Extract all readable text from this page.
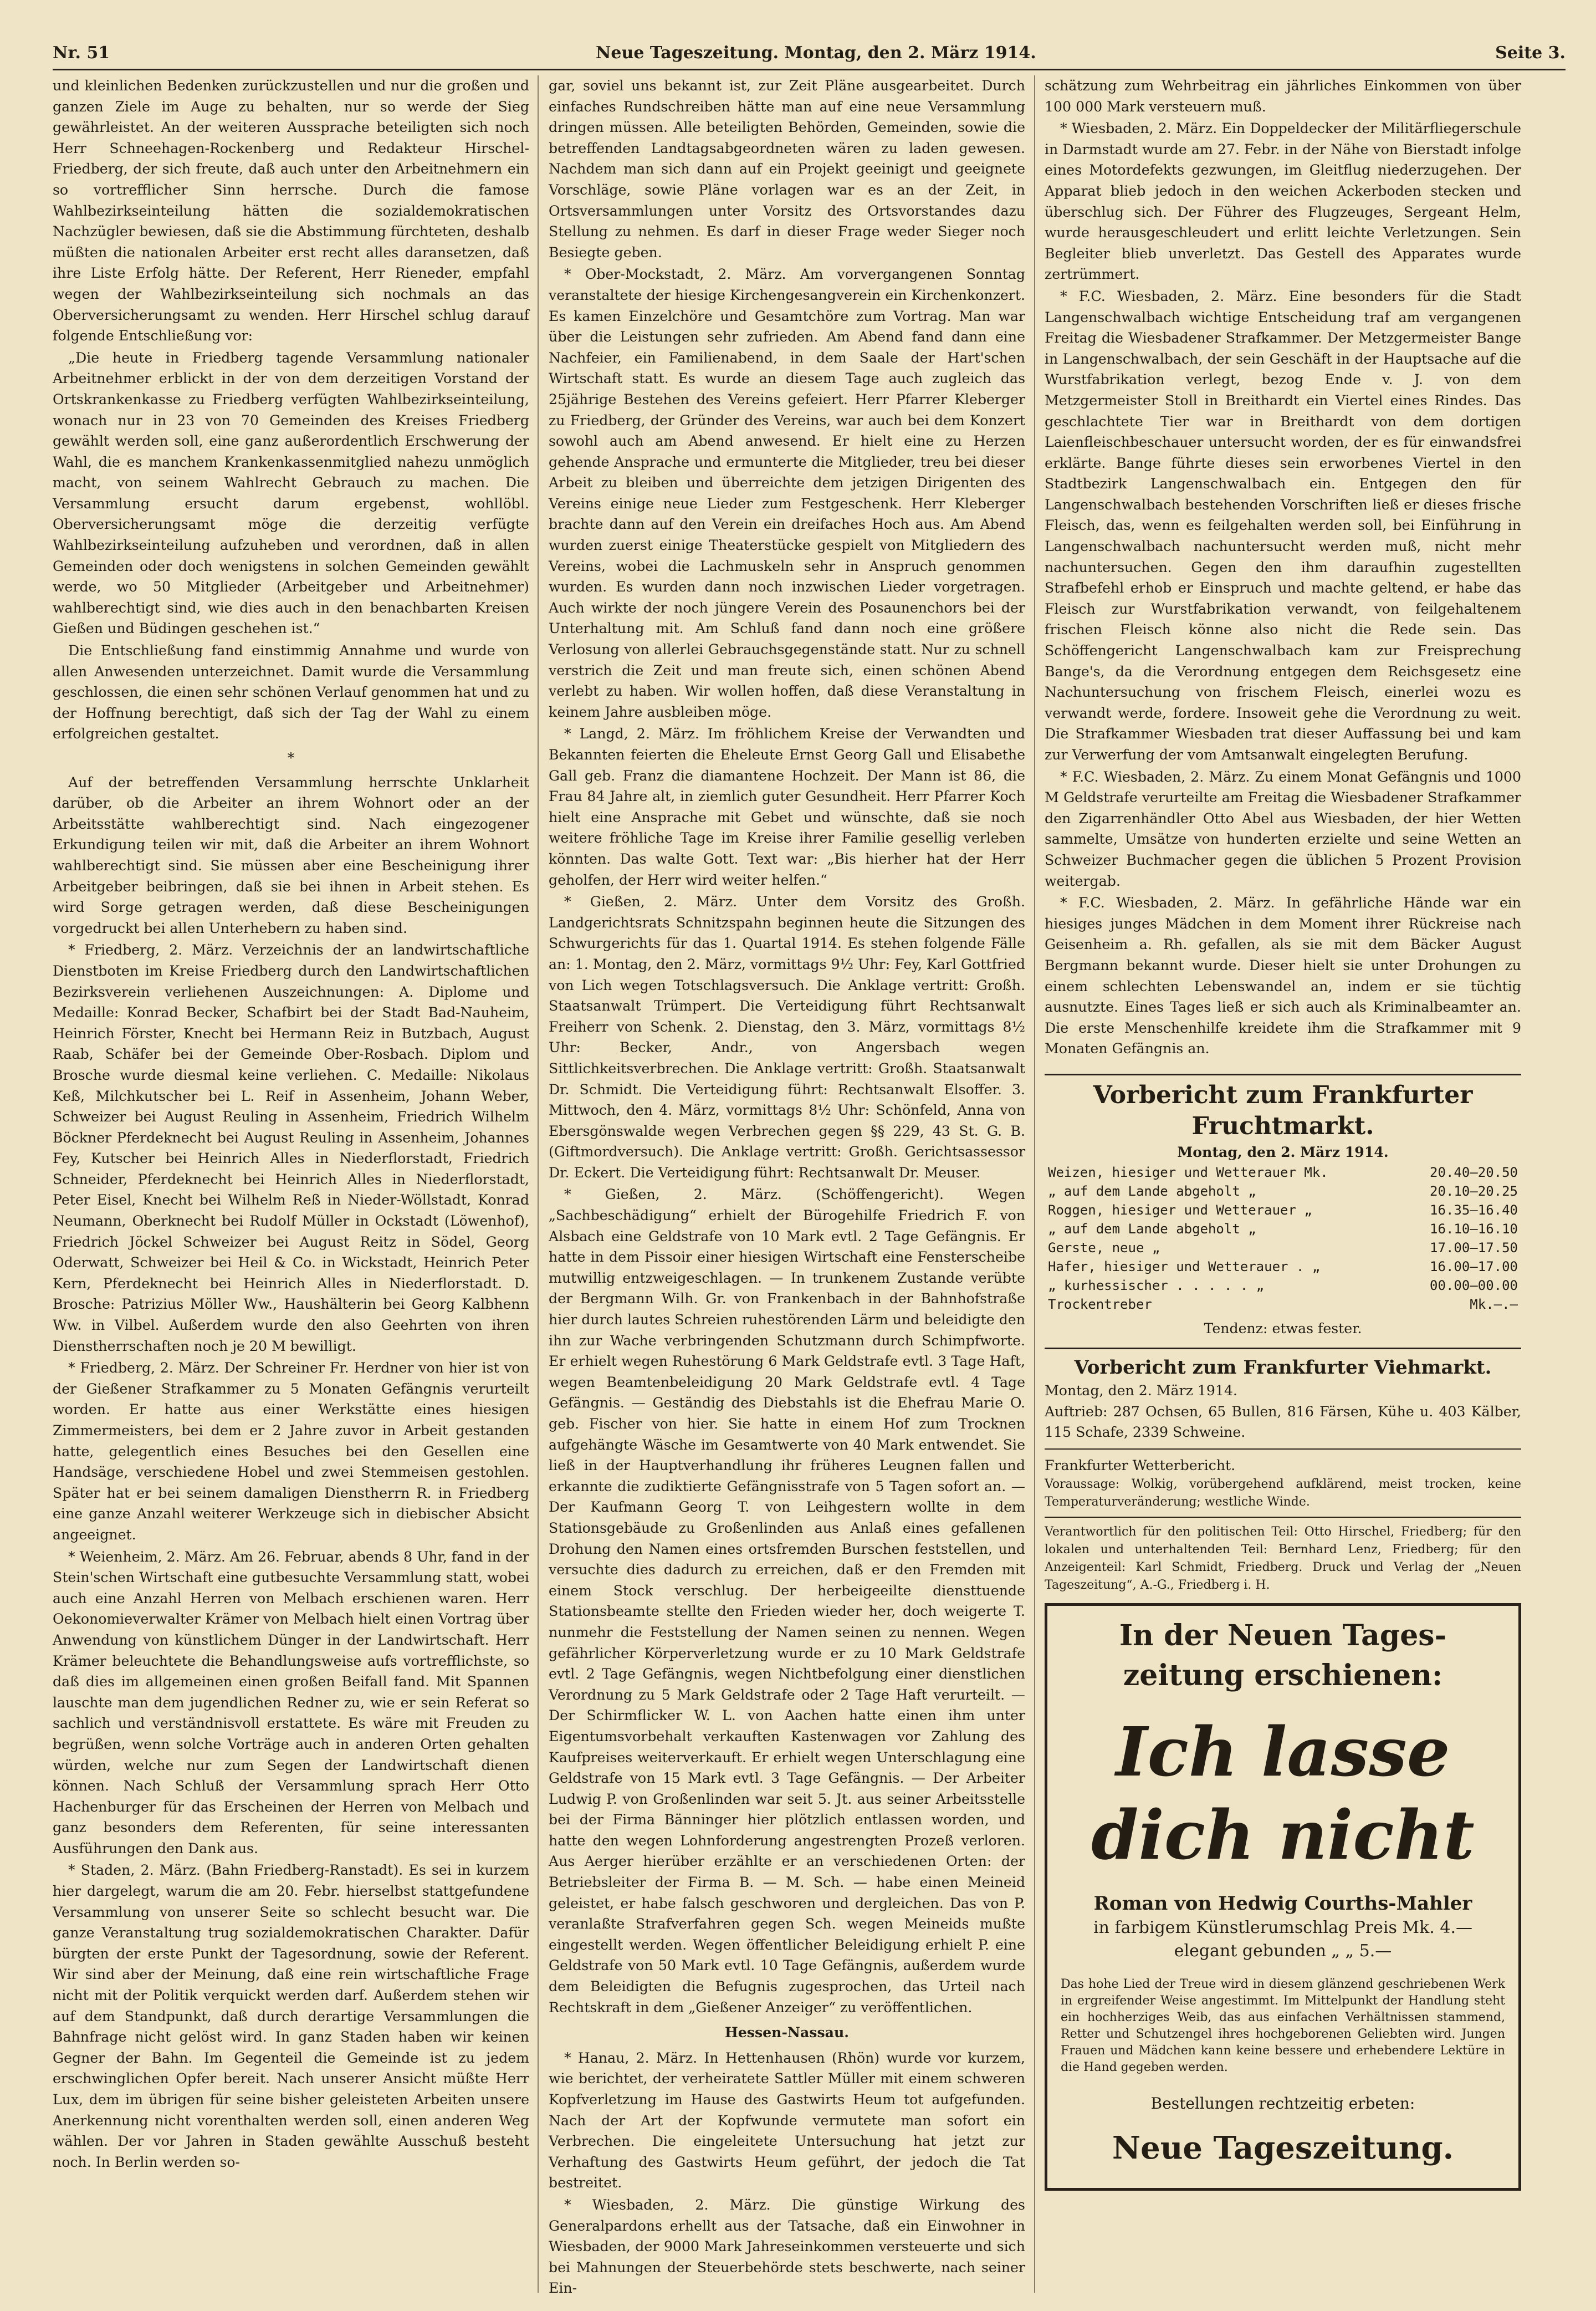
Nr. 51	Neue Tageszeitung. Montag, den 2. März 1914.	Seite 3.

und kleinlichen Bedenken zurückzustellen und nur die großen und ganzen Ziele im Auge zu behalten, nur so werde der Sieg gewährleistet. An der weiteren Aussprache beteiligten sich noch Herr Schneehagen-Rockenberg und Redakteur Hirschel-Friedberg, der sich freute, daß auch unter den Arbeitnehmern ein so vortrefflicher Sinn herrsche. Durch die famose Wahlbezirkseinteilung hätten die sozialdemokratischen Nachzügler bewiesen, daß sie die Abstimmung fürchteten, deshalb müßten die nationalen Arbeiter erst recht alles daransetzen, daß ihre Liste Erfolg hätte. Der Referent, Herr Rieneder, empfahl wegen der Wahlbezirkseinteilung sich nochmals an das Oberversicherungsamt zu wenden. Herr Hirschel schlug darauf folgende Entschließung vor:

„Die heute in Friedberg tagende Versammlung nationaler Arbeitnehmer erblickt in der von dem derzeitigen Vorstand der Ortskrankenkasse zu Friedberg verfügten Wahlbezirkseinteilung, wonach nur in 23 von 70 Gemeinden des Kreises Friedberg gewählt werden soll, eine ganz außerordentlich Erschwerung der Wahl, die es manchem Krankenkassenmitglied nahezu unmöglich macht, von seinem Wahlrecht Gebrauch zu machen. Die Versammlung ersucht darum ergebenst, wohllöbl. Oberversicherungsamt möge die derzeitig verfügte Wahlbezirkseinteilung aufzuheben und verordnen, daß in allen Gemeinden oder doch wenigstens in solchen Gemeinden gewählt werde, wo 50 Mitglieder (Arbeitgeber und Arbeitnehmer) wahlberechtigt sind, wie dies auch in den benachbarten Kreisen Gießen und Büdingen geschehen ist.“

Die Entschließung fand einstimmig Annahme und wurde von allen Anwesenden unterzeichnet. Damit wurde die Versammlung geschlossen, die einen sehr schönen Verlauf genommen hat und zu der Hoffnung berechtigt, daß sich der Tag der Wahl zu einem erfolgreichen gestaltet.

*

Auf der betreffenden Versammlung herrschte Unklarheit darüber, ob die Arbeiter an ihrem Wohnort oder an der Arbeitsstätte wahlberechtigt sind. Nach eingezogener Erkundigung teilen wir mit, daß die Arbeiter an ihrem Wohnort wahlberechtigt sind. Sie müssen aber eine Bescheinigung ihrer Arbeitgeber beibringen, daß sie bei ihnen in Arbeit stehen. Es wird Sorge getragen werden, daß diese Bescheinigungen vorgedruckt bei allen Unterhebern zu haben sind.

* Friedberg, 2. März. Verzeichnis der an landwirtschaftliche Dienstboten im Kreise Friedberg durch den Landwirtschaftlichen Bezirksverein verliehenen Auszeichnungen: A. Diplome und Medaille: Konrad Becker, Schafbirt bei der Stadt Bad-Nauheim, Heinrich Förster, Knecht bei Hermann Reiz in Butzbach, August Raab, Schäfer bei der Gemeinde Ober-Rosbach. Diplom und Brosche wurde diesmal keine verliehen. C. Medaille: Nikolaus Keß, Milchkutscher bei L. Reif in Assenheim, Johann Weber, Schweizer bei August Reuling in Assenheim, Friedrich Wilhelm Böckner Pferdeknecht bei August Reuling in Assenheim, Johannes Fey, Kutscher bei Heinrich Alles in Niederflorstadt, Friedrich Schneider, Pferdeknecht bei Heinrich Alles in Niederflorstadt, Peter Eisel, Knecht bei Wilhelm Reß in Nieder-Wöllstadt, Konrad Neumann, Oberknecht bei Rudolf Müller in Ockstadt (Löwenhof), Friedrich Jöckel Schweizer bei August Reitz in Södel, Georg Oderwatt, Schweizer bei Heil & Co. in Wickstadt, Heinrich Peter Kern, Pferdeknecht bei Heinrich Alles in Niederflorstadt. D. Brosche: Patrizius Möller Ww., Haushälterin bei Georg Kalbhenn Ww. in Vilbel. Außerdem wurde den also Geehrten von ihren Dienstherrschaften noch je 20 M bewilligt.

* Friedberg, 2. März. Der Schreiner Fr. Herdner von hier ist von der Gießener Strafkammer zu 5 Monaten Gefängnis verurteilt worden. Er hatte aus einer Werkstätte eines hiesigen Zimmermeisters, bei dem er 2 Jahre zuvor in Arbeit gestanden hatte, gelegentlich eines Besuches bei den Gesellen eine Handsäge, verschiedene Hobel und zwei Stemmeisen gestohlen. Später hat er bei seinem damaligen Dienstherrn R. in Friedberg eine ganze Anzahl weiterer Werkzeuge sich in diebischer Absicht angeeignet.

* Weienheim, 2. März. Am 26. Februar, abends 8 Uhr, fand in der Stein'schen Wirtschaft eine gutbesuchte Versammlung statt, wobei auch eine Anzahl Herren von Melbach erschienen waren. Herr Oekonomieverwalter Krämer von Melbach hielt einen Vortrag über Anwendung von künstlichem Dünger in der Landwirtschaft. Herr Krämer beleuchtete die Behandlungsweise aufs vortrefflichste, so daß dies im allgemeinen einen großen Beifall fand. Mit Spannen lauschte man dem jugendlichen Redner zu, wie er sein Referat so sachlich und verständnisvoll erstattete. Es wäre mit Freuden zu begrüßen, wenn solche Vorträge auch in anderen Orten gehalten würden, welche nur zum Segen der Landwirtschaft dienen können. Nach Schluß der Versammlung sprach Herr Otto Hachenburger für das Erscheinen der Herren von Melbach und ganz besonders dem Referenten, für seine interessanten Ausführungen den Dank aus.

* Staden, 2. März. (Bahn Friedberg-Ranstadt). Es sei in kurzem hier dargelegt, warum die am 20. Febr. hierselbst stattgefundene Versammlung von unserer Seite so schlecht besucht war. Die ganze Veranstaltung trug sozialdemokratischen Charakter. Dafür bürgten der erste Punkt der Tagesordnung, sowie der Referent. Wir sind aber der Meinung, daß eine rein wirtschaftliche Frage nicht mit der Politik verquickt werden darf. Außerdem stehen wir auf dem Standpunkt, daß durch derartige Versammlungen die Bahnfrage nicht gelöst wird. In ganz Staden haben wir keinen Gegner der Bahn. Im Gegenteil die Gemeinde ist zu jedem erschwinglichen Opfer bereit. Nach unserer Ansicht müßte Herr Lux, dem im übrigen für seine bisher geleisteten Arbeiten unsere Anerkennung nicht vorenthalten werden soll, einen anderen Weg wählen. Der vor Jahren in Staden gewählte Ausschuß besteht noch. In Berlin werden so-

gar, soviel uns bekannt ist, zur Zeit Pläne ausgearbeitet. Durch einfaches Rundschreiben hätte man auf eine neue Versammlung dringen müssen. Alle beteiligten Behörden, Gemeinden, sowie die betreffenden Landtagsabgeordneten wären zu laden gewesen. Nachdem man sich dann auf ein Projekt geeinigt und geeignete Vorschläge, sowie Pläne vorlagen war es an der Zeit, in Ortsversammlungen unter Vorsitz des Ortsvorstandes dazu Stellung zu nehmen. Es darf in dieser Frage weder Sieger noch Besiegte geben.

* Ober-Mockstadt, 2. März. Am vorvergangenen Sonntag veranstaltete der hiesige Kirchengesangverein ein Kirchenkonzert. Es kamen Einzelchöre und Gesamtchöre zum Vortrag. Man war über die Leistungen sehr zufrieden. Am Abend fand dann eine Nachfeier, ein Familienabend, in dem Saale der Hart'schen Wirtschaft statt. Es wurde an diesem Tage auch zugleich das 25jährige Bestehen des Vereins gefeiert. Herr Pfarrer Kleberger zu Friedberg, der Gründer des Vereins, war auch bei dem Konzert sowohl auch am Abend anwesend. Er hielt eine zu Herzen gehende Ansprache und ermunterte die Mitglieder, treu bei dieser Arbeit zu bleiben und überreichte dem jetzigen Dirigenten des Vereins einige neue Lieder zum Festgeschenk. Herr Kleberger brachte dann auf den Verein ein dreifaches Hoch aus. Am Abend wurden zuerst einige Theaterstücke gespielt von Mitgliedern des Vereins, wobei die Lachmuskeln sehr in Anspruch genommen wurden. Es wurden dann noch inzwischen Lieder vorgetragen. Auch wirkte der noch jüngere Verein des Posaunenchors bei der Unterhaltung mit. Am Schluß fand dann noch eine größere Verlosung von allerlei Gebrauchsgegenstände statt. Nur zu schnell verstrich die Zeit und man freute sich, einen schönen Abend verlebt zu haben. Wir wollen hoffen, daß diese Veranstaltung in keinem Jahre ausbleiben möge.

* Langd, 2. März. Im fröhlichem Kreise der Verwandten und Bekannten feierten die Eheleute Ernst Georg Gall und Elisabethe Gall geb. Franz die diamantene Hochzeit. Der Mann ist 86, die Frau 84 Jahre alt, in ziemlich guter Gesundheit. Herr Pfarrer Koch hielt eine Ansprache mit Gebet und wünschte, daß sie noch weitere fröhliche Tage im Kreise ihrer Familie gesellig verleben könnten. Das walte Gott. Text war: „Bis hierher hat der Herr geholfen, der Herr wird weiter helfen.“

* Gießen, 2. März. Unter dem Vorsitz des Großh. Landgerichtsrats Schnitzspahn beginnen heute die Sitzungen des Schwurgerichts für das 1. Quartal 1914. Es stehen folgende Fälle an: 1. Montag, den 2. März, vormittags 9½ Uhr: Fey, Karl Gottfried von Lich wegen Totschlagsversuch. Die Anklage vertritt: Großh. Staatsanwalt Trümpert. Die Verteidigung führt Rechtsanwalt Freiherr von Schenk. 2. Dienstag, den 3. März, vormittags 8½ Uhr: Becker, Andr., von Angersbach wegen Sittlichkeitsverbrechen. Die Anklage vertritt: Großh. Staatsanwalt Dr. Schmidt. Die Verteidigung führt: Rechtsanwalt Elsoffer. 3. Mittwoch, den 4. März, vormittags 8½ Uhr: Schönfeld, Anna von Ebersgönswalde wegen Verbrechen gegen §§ 229, 43 St. G. B. (Giftmordversuch). Die Anklage vertritt: Großh. Gerichtsassessor Dr. Eckert. Die Verteidigung führt: Rechtsanwalt Dr. Meuser.

* Gießen, 2. März. (Schöffengericht). Wegen „Sachbeschädigung“ erhielt der Bürogehilfe Friedrich F. von Alsbach eine Geldstrafe von 10 Mark evtl. 2 Tage Gefängnis. Er hatte in dem Pissoir einer hiesigen Wirtschaft eine Fensterscheibe mutwillig entzweigeschlagen. — In trunkenem Zustande verübte der Bergmann Wilh. Gr. von Frankenbach in der Bahnhofstraße hier durch lautes Schreien ruhestörenden Lärm und beleidigte den ihn zur Wache verbringenden Schutzmann durch Schimpfworte. Er erhielt wegen Ruhestörung 6 Mark Geldstrafe evtl. 3 Tage Haft, wegen Beamtenbeleidigung 20 Mark Geldstrafe evtl. 4 Tage Gefängnis. — Geständig des Diebstahls ist die Ehefrau Marie O. geb. Fischer von hier. Sie hatte in einem Hof zum Trocknen aufgehängte Wäsche im Gesamtwerte von 40 Mark entwendet. Sie ließ in der Hauptverhandlung ihr früheres Leugnen fallen und erkannte die zudiktierte Gefängnisstrafe von 5 Tagen sofort an. — Der Kaufmann Georg T. von Leihgestern wollte in dem Stationsgebäude zu Großenlinden aus Anlaß eines gefallenen Drohung den Namen eines ortsfremden Burschen feststellen, und versuchte dies dadurch zu erreichen, daß er den Fremden mit einem Stock verschlug. Der herbeigeeilte diensttuende Stationsbeamte stellte den Frieden wieder her, doch weigerte T. nunmehr die Feststellung der Namen seinen zu nennen. Wegen gefährlicher Körperverletzung wurde er zu 10 Mark Geldstrafe evtl. 2 Tage Gefängnis, wegen Nichtbefolgung einer dienstlichen Verordnung zu 5 Mark Geldstrafe oder 2 Tage Haft verurteilt. — Der Schirmflicker W. L. von Aachen hatte einen ihm unter Eigentumsvorbehalt verkauften Kastenwagen vor Zahlung des Kaufpreises weiterverkauft. Er erhielt wegen Unterschlagung eine Geldstrafe von 15 Mark evtl. 3 Tage Gefängnis. — Der Arbeiter Ludwig P. von Großenlinden war seit 5. Jt. aus seiner Arbeitsstelle bei der Firma Bänninger hier plötzlich entlassen worden, und hatte den wegen Lohnforderung angestrengten Prozeß verloren. Aus Aerger hierüber erzählte er an verschiedenen Orten: der Betriebsleiter der Firma B. — M. Sch. — habe einen Meineid geleistet, er habe falsch geschworen und dergleichen. Das von P. veranlaßte Strafverfahren gegen Sch. wegen Meineids mußte eingestellt werden. Wegen öffentlicher Beleidigung erhielt P. eine Geldstrafe von 50 Mark evtl. 10 Tage Gefängnis, außerdem wurde dem Beleidigten die Befugnis zugesprochen, das Urteil nach Rechtskraft in dem „Gießener Anzeiger“ zu veröffentlichen.

Hessen-Nassau.

* Hanau, 2. März. In Hettenhausen (Rhön) wurde vor kurzem, wie berichtet, der verheiratete Sattler Müller mit einem schweren Kopfverletzung im Hause des Gastwirts Heum tot aufgefunden. Nach der Art der Kopfwunde vermutete man sofort ein Verbrechen. Die eingeleitete Untersuchung hat jetzt zur Verhaftung des Gastwirts Heum geführt, der jedoch die Tat bestreitet.

* Wiesbaden, 2. März. Die günstige Wirkung des Generalpardons erhellt aus der Tatsache, daß ein Einwohner in Wiesbaden, der 9000 Mark Jahreseinkommen versteuerte und sich bei Mahnungen der Steuerbehörde stets beschwerte, nach seiner Ein-

schätzung zum Wehrbeitrag ein jährliches Einkommen von über 100 000 Mark versteuern muß.

* Wiesbaden, 2. März. Ein Doppeldecker der Militärfliegerschule in Darmstadt wurde am 27. Febr. in der Nähe von Bierstadt infolge eines Motordefekts gezwungen, im Gleitflug niederzugehen. Der Apparat blieb jedoch in den weichen Ackerboden stecken und überschlug sich. Der Führer des Flugzeuges, Sergeant Helm, wurde herausgeschleudert und erlitt leichte Verletzungen. Sein Begleiter blieb unverletzt. Das Gestell des Apparates wurde zertrümmert.

* F.C. Wiesbaden, 2. März. Eine besonders für die Stadt Langenschwalbach wichtige Entscheidung traf am vergangenen Freitag die Wiesbadener Strafkammer. Der Metzgermeister Bange in Langenschwalbach, der sein Geschäft in der Hauptsache auf die Wurstfabrikation verlegt, bezog Ende v. J. von dem Metzgermeister Stoll in Breithardt ein Viertel eines Rindes. Das geschlachtete Tier war in Breithardt von dem dortigen Laienfleischbeschauer untersucht worden, der es für einwandsfrei erklärte. Bange führte dieses sein erworbenes Viertel in den Stadtbezirk Langenschwalbach ein. Entgegen den für Langenschwalbach bestehenden Vorschriften ließ er dieses frische Fleisch, das, wenn es feilgehalten werden soll, bei Einführung in Langenschwalbach nachuntersucht werden muß, nicht mehr nachuntersuchen. Gegen den ihm daraufhin zugestellten Strafbefehl erhob er Einspruch und machte geltend, er habe das Fleisch zur Wurstfabrikation verwandt, von feilgehaltenem frischen Fleisch könne also nicht die Rede sein. Das Schöffengericht Langenschwalbach kam zur Freisprechung Bange's, da die Verordnung entgegen dem Reichsgesetz eine Nachuntersuchung von frischem Fleisch, einerlei wozu es verwandt werde, fordere. Insoweit gehe die Verordnung zu weit. Die Strafkammer Wiesbaden trat dieser Auffassung bei und kam zur Verwerfung der vom Amtsanwalt eingelegten Berufung.

* F.C. Wiesbaden, 2. März. Zu einem Monat Gefängnis und 1000 M Geldstrafe verurteilte am Freitag die Wiesbadener Strafkammer den Zigarrenhändler Otto Abel aus Wiesbaden, der hier Wetten sammelte, Umsätze von hunderten erzielte und seine Wetten an Schweizer Buchmacher gegen die üblichen 5 Prozent Provision weitergab.

* F.C. Wiesbaden, 2. März. In gefährliche Hände war ein hiesiges junges Mädchen in dem Moment ihrer Rückreise nach Geisenheim a. Rh. gefallen, als sie mit dem Bäcker August Bergmann bekannt wurde. Dieser hielt sie unter Drohungen zu einem schlechten Lebenswandel an, indem er sie tüchtig ausnutzte. Eines Tages ließ er sich auch als Kriminalbeamter an. Die erste Menschenhilfe kreidete ihm die Strafkammer mit 9 Monaten Gefängnis an.

Vorbericht zum Frankfurter Fruchtmarkt.
Montag, den 2. März 1914.
Weizen, hiesiger und Wetterauer Mk.	20.40—20.50
„ auf dem Lande abgeholt „	20.10—20.25
Roggen, hiesiger und Wetterauer „	16.35—16.40
„ auf dem Lande abgeholt „	16.10—16.10
Gerste, neue „	17.00—17.50
Hafer, hiesiger und Wetterauer . „	16.00—17.00
„ kurhessischer . . . . . „	00.00—00.00
Trockentreber	Mk.—.—
Tendenz: etwas fester.
Vorbericht zum Frankfurter Viehmarkt.
Montag, den 2. März 1914.

Auftrieb: 287 Ochsen, 65 Bullen, 816 Färsen, Kühe u. 403 Kälber, 115 Schafe, 2339 Schweine.

Frankfurter Wetterbericht.

Voraussage: Wolkig, vorübergehend aufklärend, meist trocken, keine Temperaturveränderung; westliche Winde.

Verantwortlich für den politischen Teil: Otto Hirschel, Friedberg; für den lokalen und unterhaltenden Teil: Bernhard Lenz, Friedberg; für den Anzeigenteil: Karl Schmidt, Friedberg. Druck und Verlag der „Neuen Tageszeitung“, A.-G., Friedberg i. H.

In der Neuen Tages-
zeitung erschienen:
Ich lasse dich nicht
Roman von Hedwig Courths-Mahler
in farbigem Künstlerumschlag Preis Mk. 4.—
elegant gebunden „ „ 5.—
Das hohe Lied der Treue wird in diesem glänzend geschriebenen Werk in ergreifender Weise angestimmt. Im Mittelpunkt der Handlung steht ein hochherziges Weib, das aus einfachen Verhältnissen stammend, Retter und Schutzengel ihres hochgeborenen Geliebten wird. Jungen Frauen und Mädchen kann keine bessere und erhebendere Lektüre in die Hand gegeben werden.
Bestellungen rechtzeitig erbeten:
Neue Tageszeitung.
